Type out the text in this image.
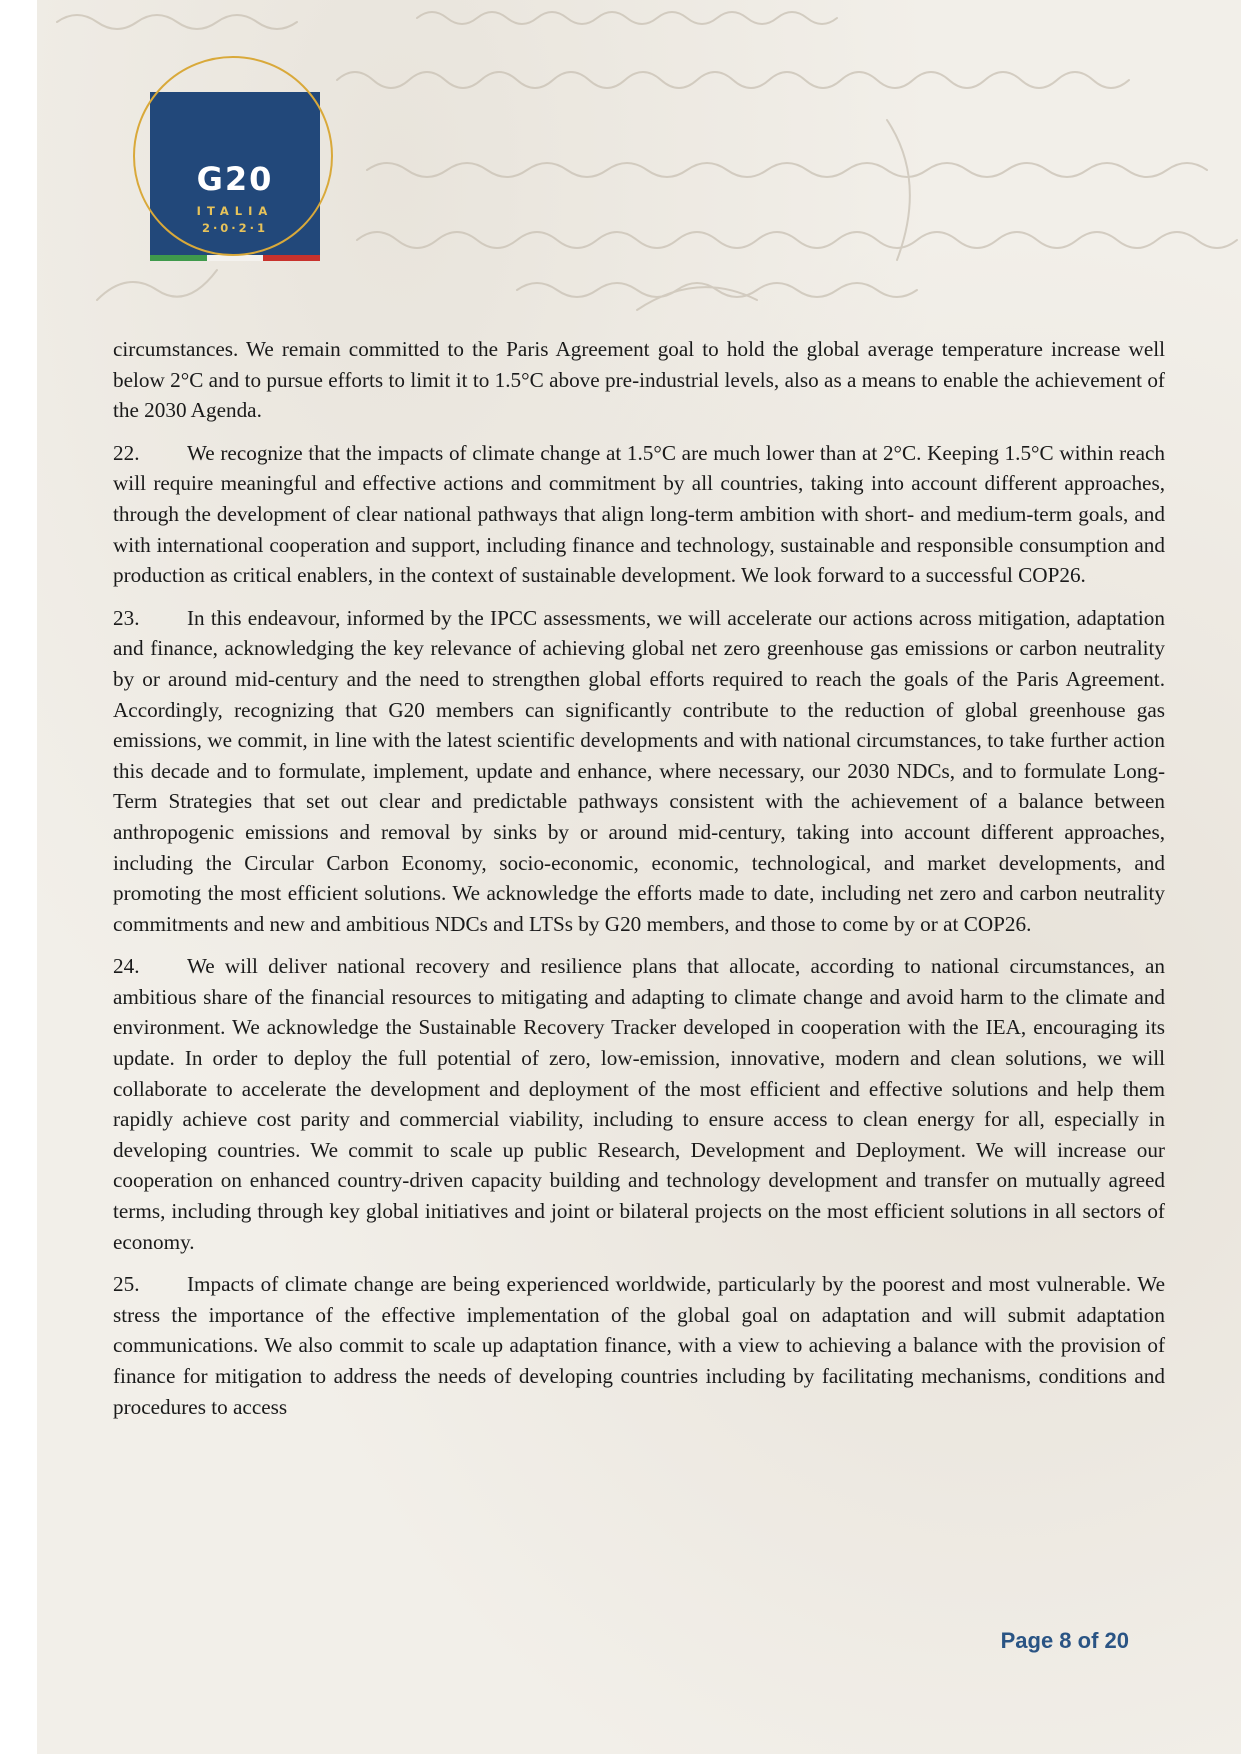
G20
ITALIA
2·0·2·1

circumstances. We remain committed to the Paris Agreement goal to hold the global average temperature increase well below 2°C and to pursue efforts to limit it to 1.5°C above pre-industrial levels, also as a means to enable the achievement of the 2030 Agenda.

22. We recognize that the impacts of climate change at 1.5°C are much lower than at 2°C. Keeping 1.5°C within reach will require meaningful and effective actions and commitment by all countries, taking into account different approaches, through the development of clear national pathways that align long-term ambition with short- and medium-term goals, and with international cooperation and support, including finance and technology, sustainable and responsible consumption and production as critical enablers, in the context of sustainable development. We look forward to a successful COP26.

23. In this endeavour, informed by the IPCC assessments, we will accelerate our actions across mitigation, adaptation and finance, acknowledging the key relevance of achieving global net zero greenhouse gas emissions or carbon neutrality by or around mid-century and the need to strengthen global efforts required to reach the goals of the Paris Agreement. Accordingly, recognizing that G20 members can significantly contribute to the reduction of global greenhouse gas emissions, we commit, in line with the latest scientific developments and with national circumstances, to take further action this decade and to formulate, implement, update and enhance, where necessary, our 2030 NDCs, and to formulate Long-Term Strategies that set out clear and predictable pathways consistent with the achievement of a balance between anthropogenic emissions and removal by sinks by or around mid-century, taking into account different approaches, including the Circular Carbon Economy, socio-economic, economic, technological, and market developments, and promoting the most efficient solutions. We acknowledge the efforts made to date, including net zero and carbon neutrality commitments and new and ambitious NDCs and LTSs by G20 members, and those to come by or at COP26.

24. We will deliver national recovery and resilience plans that allocate, according to national circumstances, an ambitious share of the financial resources to mitigating and adapting to climate change and avoid harm to the climate and environment. We acknowledge the Sustainable Recovery Tracker developed in cooperation with the IEA, encouraging its update. In order to deploy the full potential of zero, low-emission, innovative, modern and clean solutions, we will collaborate to accelerate the development and deployment of the most efficient and effective solutions and help them rapidly achieve cost parity and commercial viability, including to ensure access to clean energy for all, especially in developing countries. We commit to scale up public Research, Development and Deployment. We will increase our cooperation on enhanced country-driven capacity building and technology development and transfer on mutually agreed terms, including through key global initiatives and joint or bilateral projects on the most efficient solutions in all sectors of economy.

25. Impacts of climate change are being experienced worldwide, particularly by the poorest and most vulnerable. We stress the importance of the effective implementation of the global goal on adaptation and will submit adaptation communications. We also commit to scale up adaptation finance, with a view to achieving a balance with the provision of finance for mitigation to address the needs of developing countries including by facilitating mechanisms, conditions and procedures to access

Page 8 of 20
